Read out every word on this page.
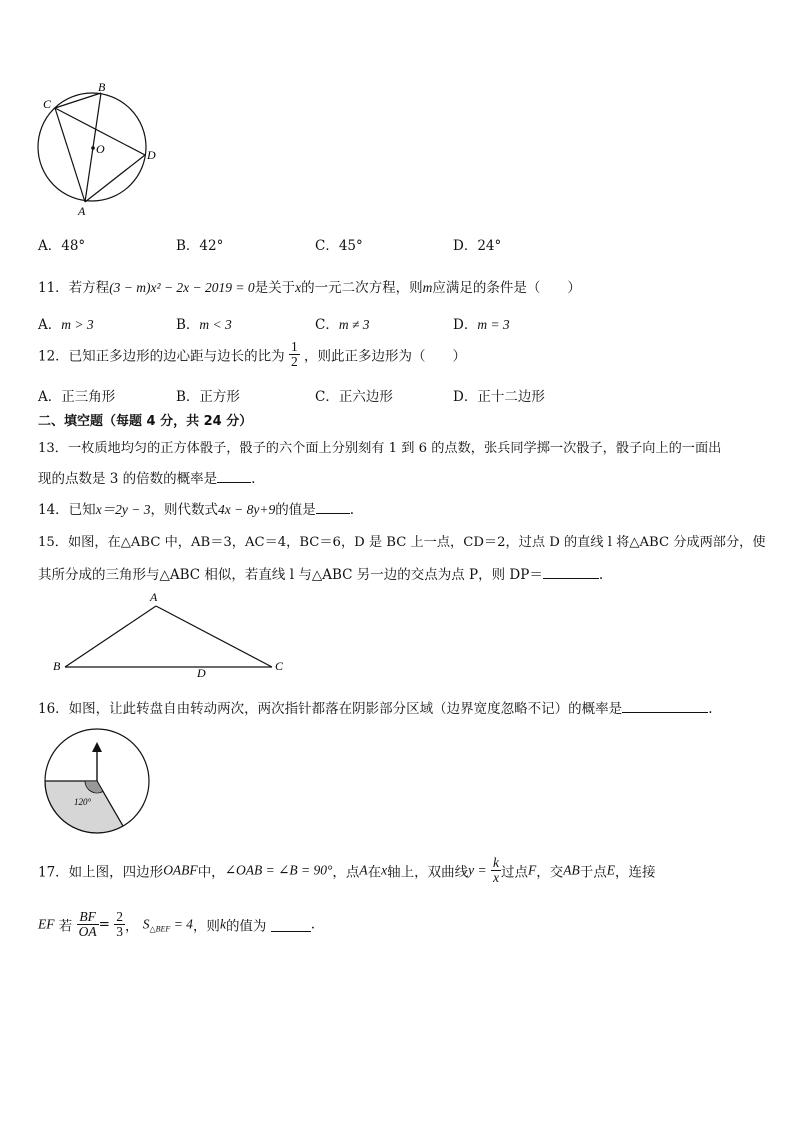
B
C
O	D
A
A．48°	B．42°	C．45°	D．24°
11．若方程(3 − m)x² − 2x − 2019 = 0是关于x的一元二次方程，则m应满足的条件是（　　）
A．m > 3	B．m < 3	C．m ≠ 3	D．m = 3
12．已知正多边形的边心距与边长的比为 $\frac{1}{2}$ ，则此正多边形为（　　）
A．正三角形	B．正方形	C．正六边形	D．正十二边形
二、填空题（每题 4 分，共 24 分）
13．一枚质地均匀的正方体骰子，骰子的六个面上分别刻有 1 到 6 的点数，张兵同学掷一次骰子，骰子向上的一面出
现的点数是 3 的倍数的概率是	.
14．已知x＝2y − 3，则代数式4x − 8y+9的值是	.
15．如图，在△ABC 中，AB＝3，AC＝4，BC＝6，D 是 BC 上一点，CD＝2，过点 D 的直线 l 将△ABC 分成两部分，使
其所分成的三角形与△ABC 相似，若直线 l 与△ABC 另一边的交点为点 P，则 DP＝	.
A
B	C
D
16．如图，让此转盘自由转动两次，两次指针都落在阴影部分区域（边界宽度忽略不记）的概率是	.
120°
17．如上图，四边形OABF中，∠OAB = ∠B = 90°，点A在x轴上，双曲线$y = \frac{k}{x}$ 过点F，交AB于点E，连接
EF 若 $\frac{BF}{OA} = \frac{2}{3}$ ， $S_{\triangle BEF} = 4$，则k的值为	.
